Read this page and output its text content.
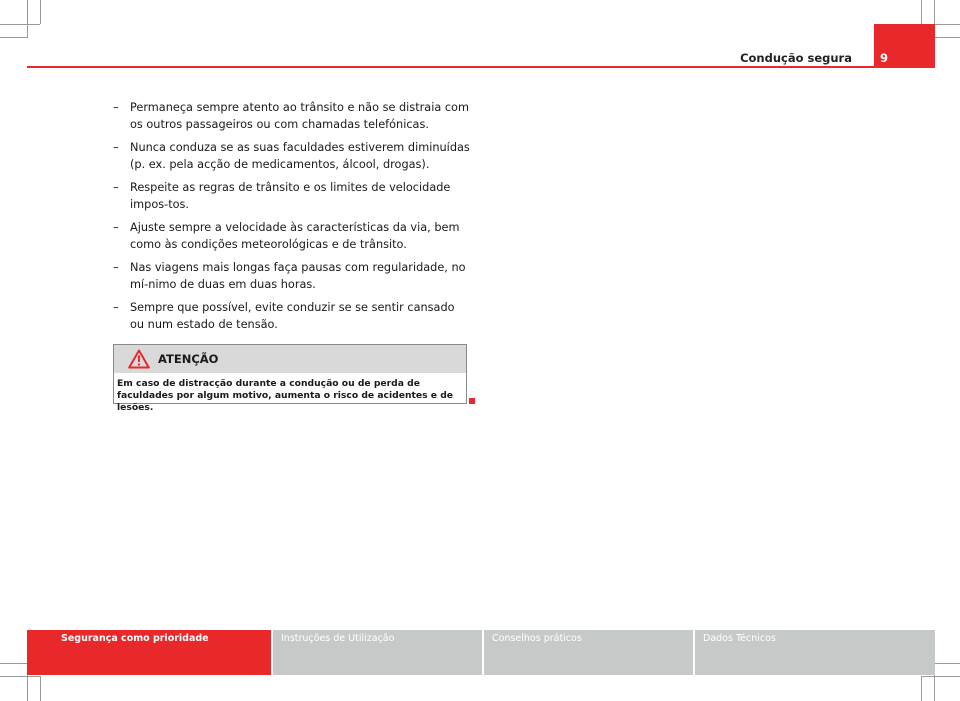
Condução segura 9
– Permaneça sempre atento ao trânsito e não se distraia com os outros passageiros ou com chamadas telefónicas.
– Nunca conduza se as suas faculdades estiverem diminuídas (p. ex. pela acção de medicamentos, álcool, drogas).
– Respeite as regras de trânsito e os limites de velocidade impos-tos.
– Ajuste sempre a velocidade às características da via, bem como às condições meteorológicas e de trânsito.
– Nas viagens mais longas faça pausas com regularidade, no mí-nimo de duas em duas horas.
– Sempre que possível, evite conduzir se se sentir cansado ou num estado de tensão.
ATENÇÃO
Em caso de distracção durante a condução ou de perda de faculdades por algum motivo, aumenta o risco de acidentes e de lesões.
Segurança como prioridade	Instruções de Utilização	Conselhos práticos	Dados Técnicos
